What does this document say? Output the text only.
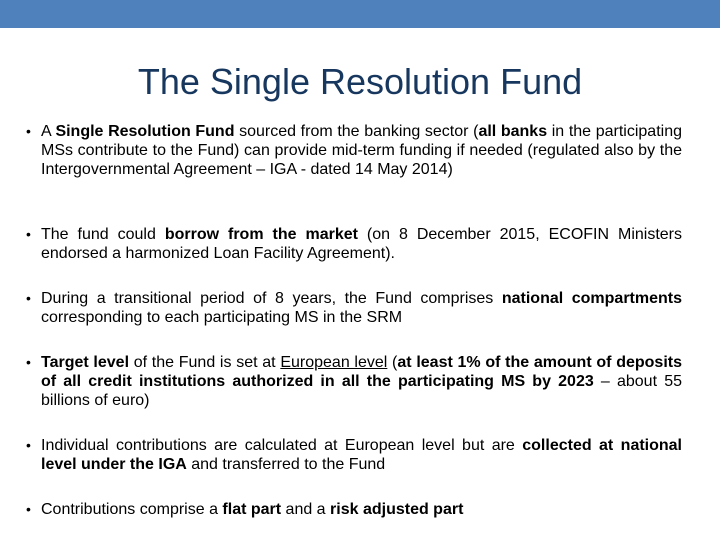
The Single Resolution Fund
• A Single Resolution Fund sourced from the banking sector (all banks in the participating MSs contribute to the Fund) can provide mid-term funding if needed (regulated also by the Intergovernmental Agreement – IGA - dated 14 May 2014)
• The fund could borrow from the market (on 8 December 2015, ECOFIN Ministers endorsed a harmonized Loan Facility Agreement).
• During a transitional period of 8 years, the Fund comprises national compartments corresponding to each participating MS in the SRM
• Target level of the Fund is set at European level (at least 1% of the amount of deposits of all credit institutions authorized in all the participating MS by 2023 – about 55 billions of euro)
• Individual contributions are calculated at European level but are collected at national level under the IGA and transferred to the Fund
• Contributions comprise a flat part and a risk adjusted part
